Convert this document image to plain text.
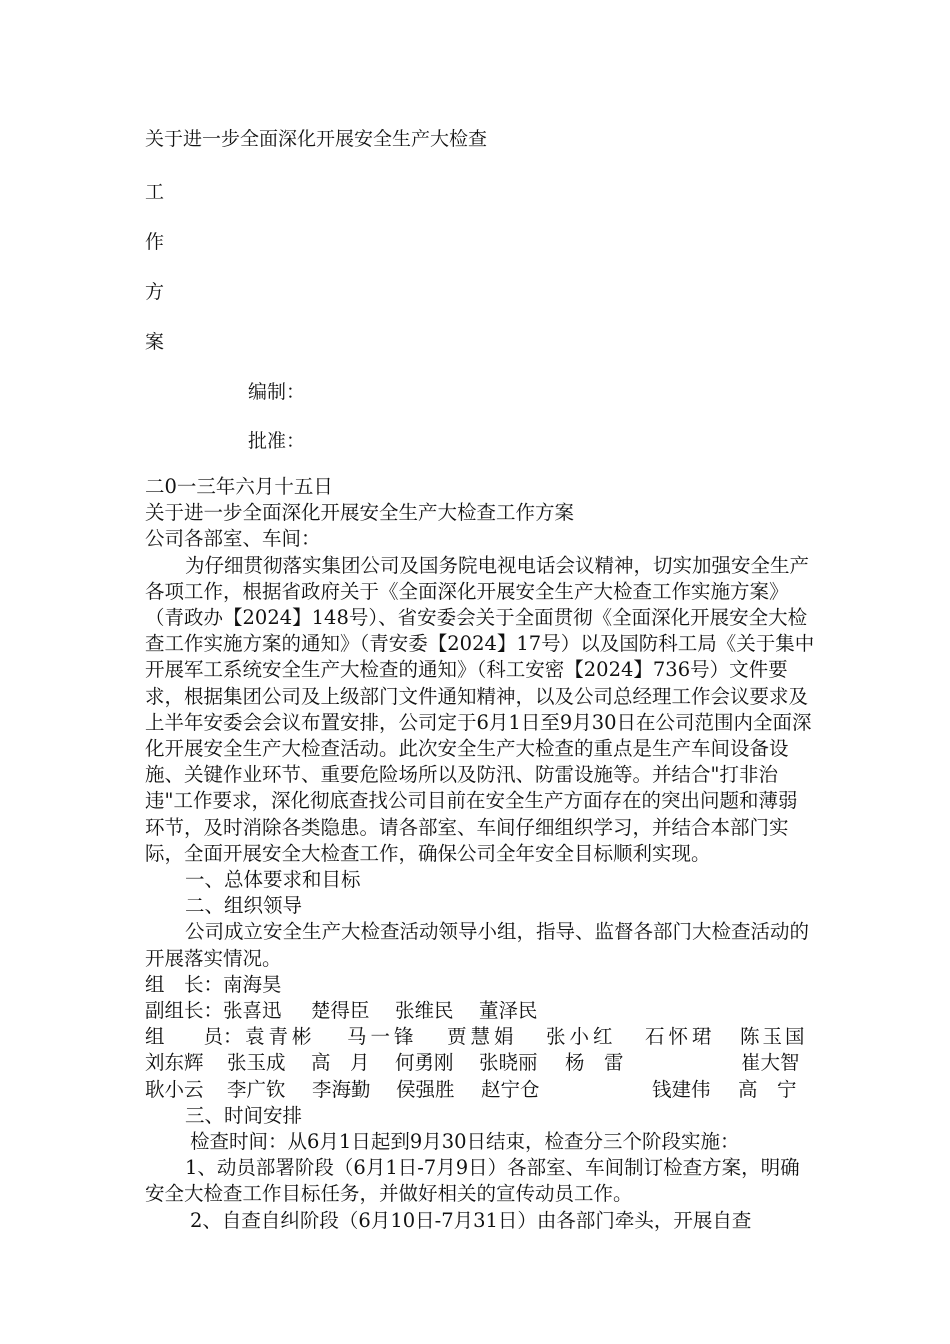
关于进一步全面深化开展安全生产大检查
工
作
方
案
编制：
批准：
二0一三年六月十五日
关于进一步全面深化开展安全生产大检查工作方案
公司各部室、车间：
为仔细贯彻落实集团公司及国务院电视电话会议精神，切实加强安全生产各项工作，根据省政府关于《全面深化开展安全生产大检查工作实施方案》（青政办【2024】148号）、省安委会关于全面贯彻《全面深化开展安全大检查工作实施方案的通知》（青安委【2024】17号）以及国防科工局《关于集中开展军工系统安全生产大检查的通知》（科工安密【2024】736号）文件要求，根据集团公司及上级部门文件通知精神，以及公司总经理工作会议要求及上半年安委会会议布置安排，公司定于6月1日至9月30日在公司范围内全面深化开展安全生产大检查活动。此次安全生产大检查的重点是生产车间设备设施、关键作业环节、重要危险场所以及防汛、防雷设施等。并结合"打非治违"工作要求，深化彻底查找公司目前在安全生产方面存在的突出问题和薄弱环节，及时消除各类隐患。请各部室、车间仔细组织学习，并结合本部门实际，全面开展安全大检查工作，确保公司全年安全目标顺利实现。
一、总体要求和目标
二、组织领导
公司成立安全生产大检查活动领导小组，指导、监督各部门大检查活动的开展落实情况。
组　长： 南海昊
副组长： 张喜迅	楚得臣	张维民	董泽民
组　　员： 袁青彬	马一锋	贾慧娟	张小红	石怀珺	陈玉国
刘东辉	张玉成	高　月	何勇刚	张晓丽	杨　雷	崔大智
耿小云	李广钦	李海勤	侯强胜	赵宁仓	钱建伟	高　宁
三、时间安排
检查时间：从6月1日起到9月30日结束，检查分三个阶段实施：
1、动员部署阶段（6月1日-7月9日）各部室、车间制订检查方案，明确安全大检查工作目标任务，并做好相关的宣传动员工作。
2、自查自纠阶段（6月10日-7月31日）由各部门牵头，开展自查
